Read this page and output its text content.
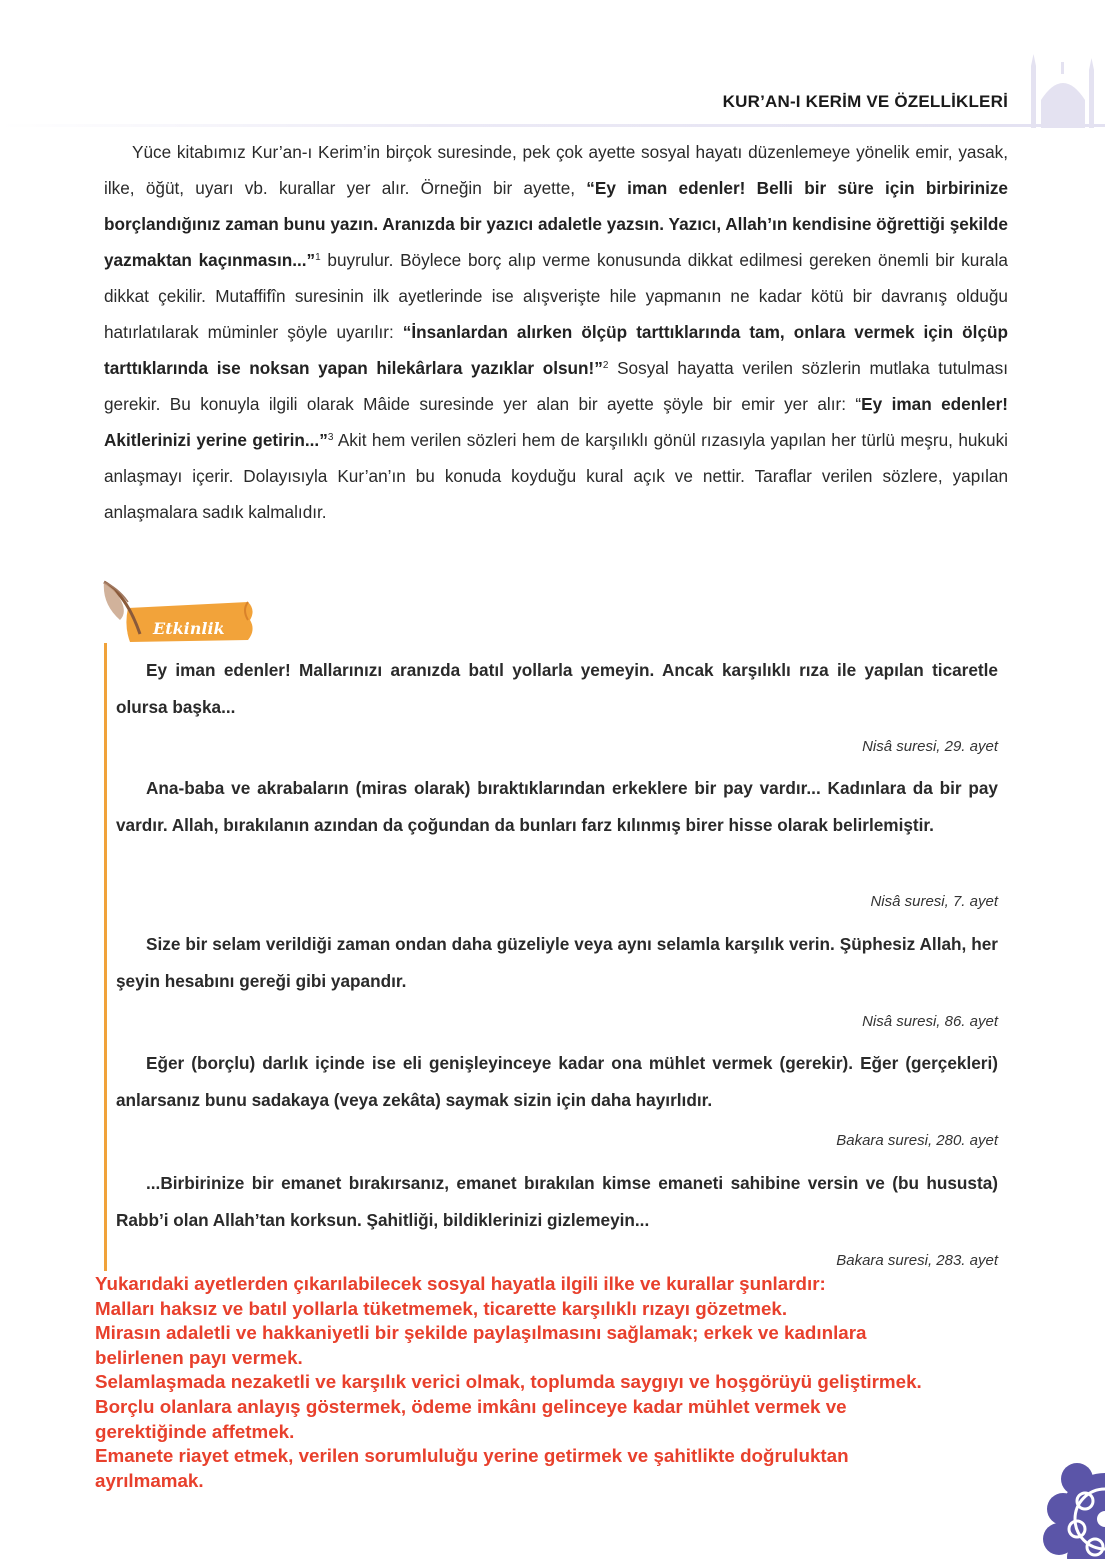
KUR’AN-I KERİM VE ÖZELLİKLERİ

Yüce kitabımız Kur’an-ı Kerim’in birçok suresinde, pek çok ayette sosyal hayatı düzenlemeye yönelik emir, yasak, ilke, öğüt, uyarı vb. kurallar yer alır. Örneğin bir ayette, “Ey iman edenler! Belli bir süre için birbirinize borçlandığınız zaman bunu yazın. Aranızda bir yazıcı adaletle yazsın. Yazıcı, Allah’ın kendisine öğrettiği şekilde yazmaktan kaçınmasın...”$^1$ buyrulur. Böylece borç alıp verme konusunda dikkat edilmesi gereken önemli bir kurala dikkat çekilir. Mutaffifîn suresinin ilk ayetlerinde ise alışverişte hile yapmanın ne kadar kötü bir davranış olduğu hatırlatılarak müminler şöyle uyarılır: “İnsanlardan alırken ölçüp tarttıklarında tam, onlara vermek için ölçüp tarttıklarında ise noksan yapan hilekârlara yazıklar olsun!”$^2$ Sosyal hayatta verilen sözlerin mutlaka tutulması gerekir. Bu konuyla ilgili olarak Mâide suresinde yer alan bir ayette şöyle bir emir yer alır: “Ey iman edenler! Akitlerinizi yerine getirin...”$^3$ Akit hem verilen sözleri hem de karşılıklı gönül rızasıyla yapılan her türlü meşru, hukuki anlaşmayı içerir. Dolayısıyla Kur’an’ın bu konuda koyduğu kural açık ve nettir. Taraflar verilen sözlere, yapılan anlaşmalara sadık kalmalıdır.

Etkinlik

Ey iman edenler! Mallarınızı aranızda batıl yollarla yemeyin. Ancak karşılıklı rıza ile yapılan ticaretle olursa başka...

Nisâ suresi, 29. ayet

Ana-baba ve akrabaların (miras olarak) bıraktıklarından erkeklere bir pay vardır... Kadınlara da bir pay vardır. Allah, bırakılanın azından da çoğundan da bunları farz kılınmış birer hisse olarak belirlemiştir.

Nisâ suresi, 7. ayet

Size bir selam verildiği zaman ondan daha güzeliyle veya aynı selamla karşılık verin. Şüphesiz Allah, her şeyin hesabını gereği gibi yapandır.

Nisâ suresi, 86. ayet

Eğer (borçlu) darlık içinde ise eli genişleyinceye kadar ona mühlet vermek (gerekir). Eğer (gerçekleri) anlarsanız bunu sadakaya (veya zekâta) saymak sizin için daha hayırlıdır.

Bakara suresi, 280. ayet

...Birbirinize bir emanet bırakırsanız, emanet bırakılan kimse emaneti sahibine versin ve (bu hususta) Rabb’i olan Allah’tan korksun. Şahitliği, bildiklerinizi gizlemeyin...

Bakara suresi, 283. ayet
Yukarıdaki ayetlerden çıkarılabilecek sosyal hayatla ilgili ilke ve kurallar şunlardır:
Malları haksız ve batıl yollarla tüketmemek, ticarette karşılıklı rızayı gözetmek.
Mirasın adaletli ve hakkaniyetli bir şekilde paylaşılmasını sağlamak; erkek ve kadınlara
belirlenen payı vermek.
Selamlaşmada nezaketli ve karşılık verici olmak, toplumda saygıyı ve hoşgörüyü geliştirmek.
Borçlu olanlara anlayış göstermek, ödeme imkânı gelinceye kadar mühlet vermek ve
gerektiğinde affetmek.
Emanete riayet etmek, verilen sorumluluğu yerine getirmek ve şahitlikte doğruluktan
ayrılmamak.
